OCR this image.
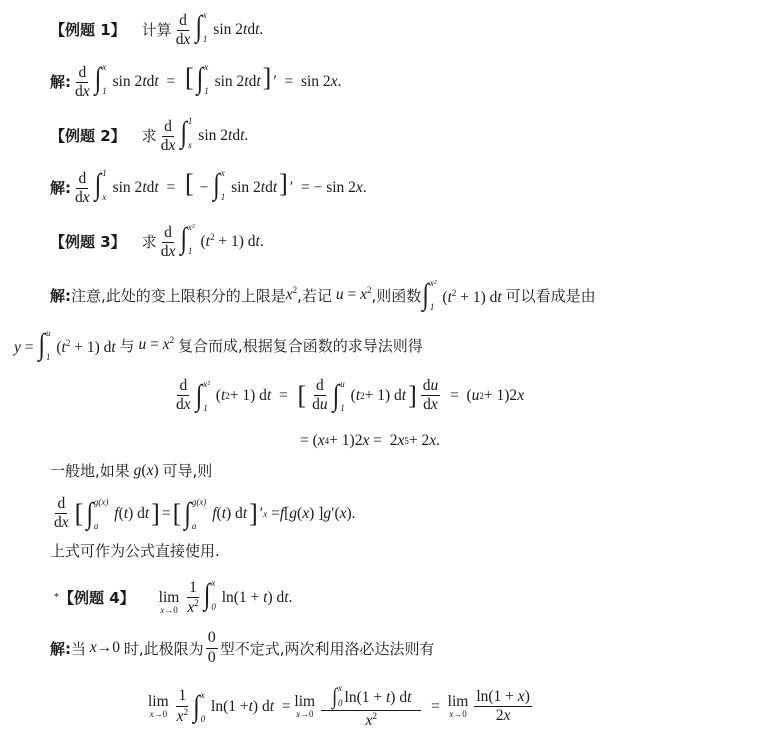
【例题 1】 计算 $\frac{d}{dx}$ ∫ x
1
sin 2tdt.
解: $\frac{d}{dx}$ ∫ x
1
sin 2tdt  =  [ ∫ x
1
sin 2tdt] ′  =  sin 2x.
【例题 2】 求 $\frac{d}{dx}$ ∫ 1
x
sin 2tdt.
解: $\frac{d}{dx}$ ∫ 1
x
sin 2tdt  =  [ − ∫ x
1
sin 2tdt] ′  = − sin 2x.
【例题 3】 求 $\frac{d}{dx}$ ∫ x²
1
$(t^2 + 1)$ dt.
解: 注意,此处的变上限积分的上限是 $x^2$ ,若记 $u = x^2$ ,则函数 ∫ x²
1
$(t^2 + 1)$ dt 可以看成是由
y = ∫ u
1
$(t^2 + 1)$ dt 与 $u = x^2$ 复合而成,根据复合函数的求导法则得
$\frac{d}{dx}$ ∫ x²
1
( t 2 + 1) d t = [ $\frac{d}{du}$ ∫ u
1
( t 2 + 1) d t ] $\frac{du}{dx}$ =  ( u 2 + 1)2 x
= ( x 4 + 1)2 x =  2 x 5 + 2 x .
一般地,如果 g(x) 可导,则
$\frac{d}{dx}$ [ ∫ g(x)
a

f ( t ) d t ] = [ ∫ g(x)
a

f ( t ) d t ] ′ x = f [ g ( x ) ] g ′( x ).
上式可作为公式直接使用.
* 【例题 4】 lim
$x\to 0 \frac{1}{x^2}$ ∫ x
0
ln(1 + t) dt.
解: 当 x→0 时,此极限为 $\frac{0}{0}$ 型不定式,两次利用洛必达法则有
lim
$x\to 0 \frac{1}{x^2}$ ∫ x
0
ln(1 + t ) d t = lim
x→0 ∫ x
0 ln(1 + t) dt
$x^2 = \lim$
$x\to 0 \frac{\ln(1 + x)}{2x}$
